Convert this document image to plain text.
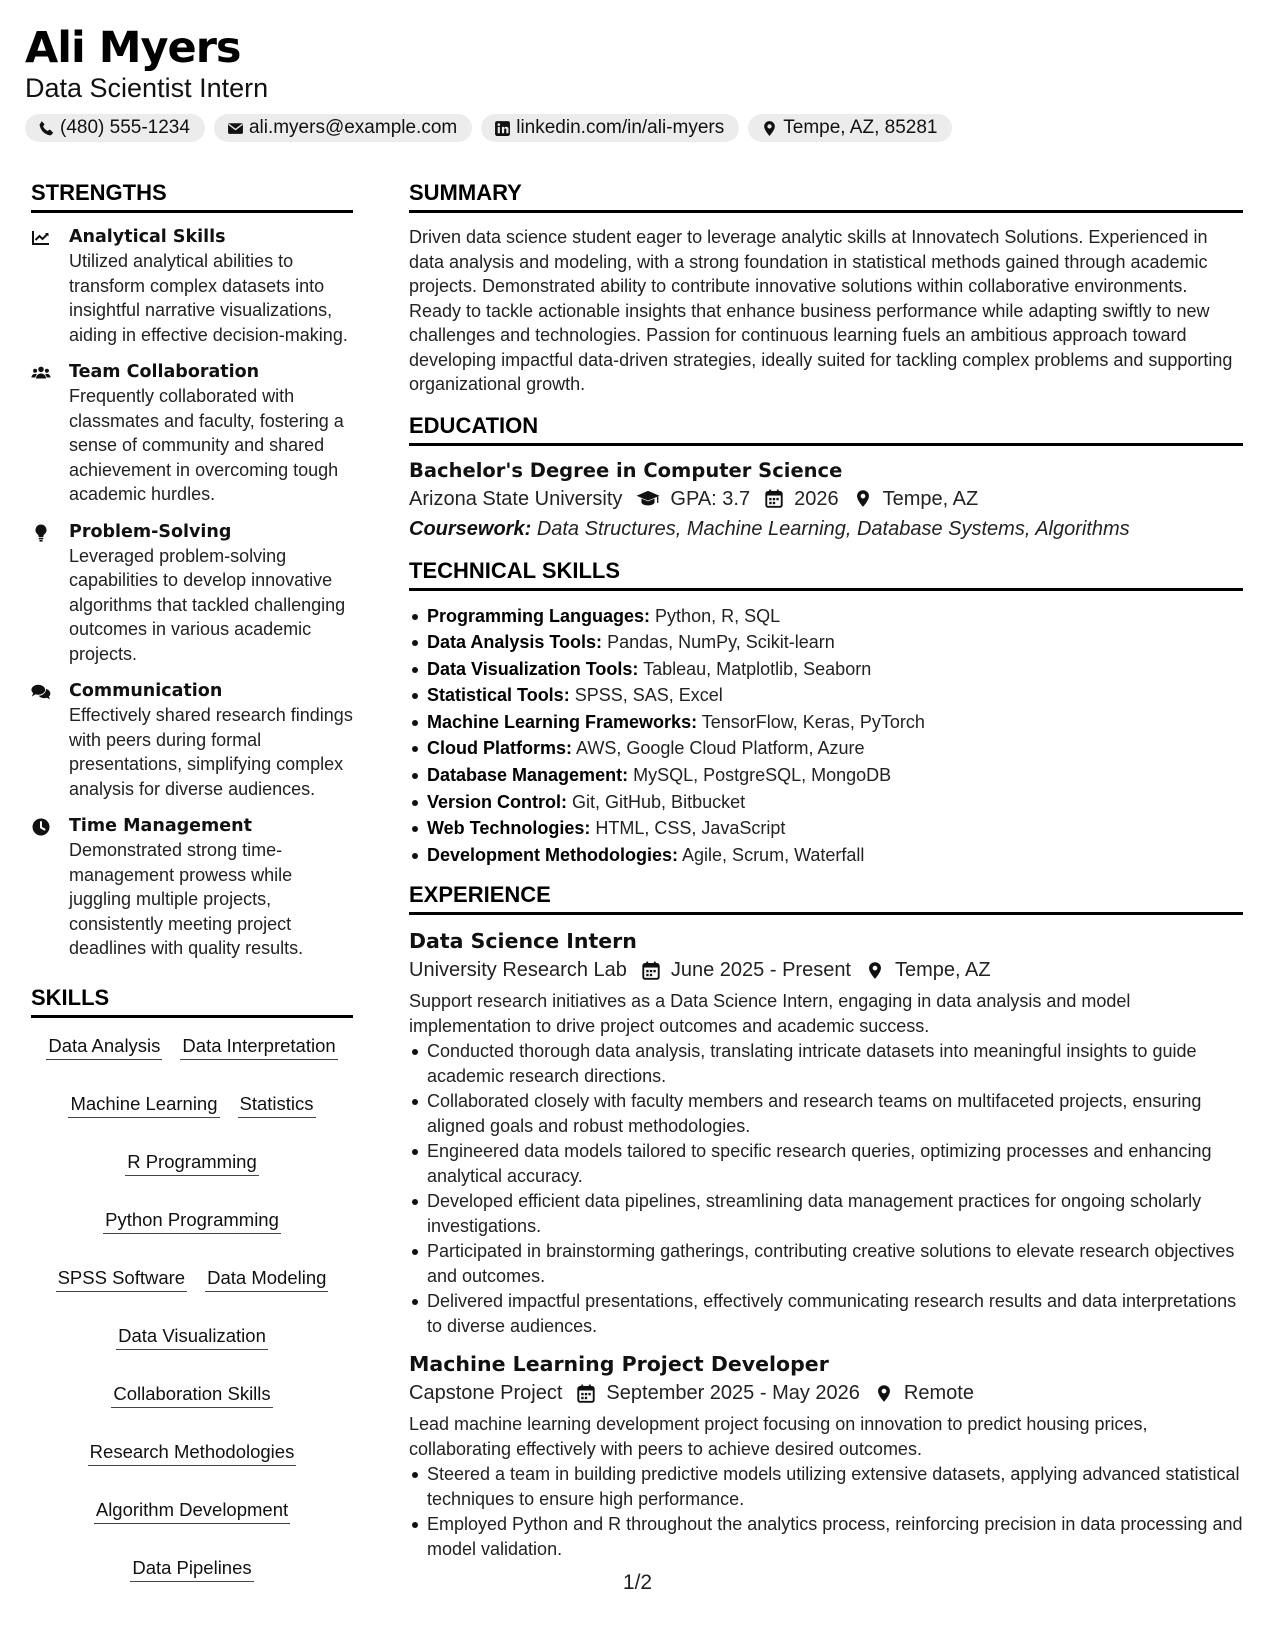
Ali Myers
Data Scientist Intern
(480) 555-1234	ali.myers@example.com	linkedin.com/in/ali-myers	Tempe, AZ, 85281
STRENGTHS
Analytical Skills
Utilized analytical abilities to transform complex datasets into insightful narrative visualizations, aiding in effective decision-making.
Team Collaboration
Frequently collaborated with classmates and faculty, fostering a sense of community and shared achievement in overcoming tough academic hurdles.
Problem-Solving
Leveraged problem-solving capabilities to develop innovative algorithms that tackled challenging outcomes in various academic projects.
Communication
Effectively shared research findings with peers during formal presentations, simplifying complex analysis for diverse audiences.
Time Management
Demonstrated strong time-management prowess while juggling multiple projects, consistently meeting project deadlines with quality results.
SKILLS
Data Analysis Data Interpretation
Machine Learning Statistics
R Programming
Python Programming
SPSS Software Data Modeling
Data Visualization
Collaboration Skills
Research Methodologies
Algorithm Development
Data Pipelines
SUMMARY
Driven data science student eager to leverage analytic skills at Innovatech Solutions. Experienced in data analysis and modeling, with a strong foundation in statistical methods gained through academic projects. Demonstrated ability to contribute innovative solutions within collaborative environments. Ready to tackle actionable insights that enhance business performance while adapting swiftly to new challenges and technologies. Passion for continuous learning fuels an ambitious approach toward developing impactful data-driven strategies, ideally suited for tackling complex problems and supporting organizational growth.
EDUCATION
Bachelor's Degree in Computer Science
Arizona State University GPA: 3.7 2026 Tempe, AZ
Coursework: Data Structures, Machine Learning, Database Systems, Algorithms
TECHNICAL SKILLS
Programming Languages: Python, R, SQL
Data Analysis Tools: Pandas, NumPy, Scikit-learn
Data Visualization Tools: Tableau, Matplotlib, Seaborn
Statistical Tools: SPSS, SAS, Excel
Machine Learning Frameworks: TensorFlow, Keras, PyTorch
Cloud Platforms: AWS, Google Cloud Platform, Azure
Database Management: MySQL, PostgreSQL, MongoDB
Version Control: Git, GitHub, Bitbucket
Web Technologies: HTML, CSS, JavaScript
Development Methodologies: Agile, Scrum, Waterfall
EXPERIENCE
Data Science Intern
University Research Lab June 2025 - Present Tempe, AZ
Support research initiatives as a Data Science Intern, engaging in data analysis and model implementation to drive project outcomes and academic success.
Conducted thorough data analysis, translating intricate datasets into meaningful insights to guide academic research directions.
Collaborated closely with faculty members and research teams on multifaceted projects, ensuring aligned goals and robust methodologies.
Engineered data models tailored to specific research queries, optimizing processes and enhancing analytical accuracy.
Developed efficient data pipelines, streamlining data management practices for ongoing scholarly investigations.
Participated in brainstorming gatherings, contributing creative solutions to elevate research objectives and outcomes.
Delivered impactful presentations, effectively communicating research results and data interpretations to diverse audiences.
Machine Learning Project Developer
Capstone Project September 2025 - May 2026 Remote
Lead machine learning development project focusing on innovation to predict housing prices, collaborating effectively with peers to achieve desired outcomes.
Steered a team in building predictive models utilizing extensive datasets, applying advanced statistical techniques to ensure high performance.
Employed Python and R throughout the analytics process, reinforcing precision in data processing and model validation.
1/2
